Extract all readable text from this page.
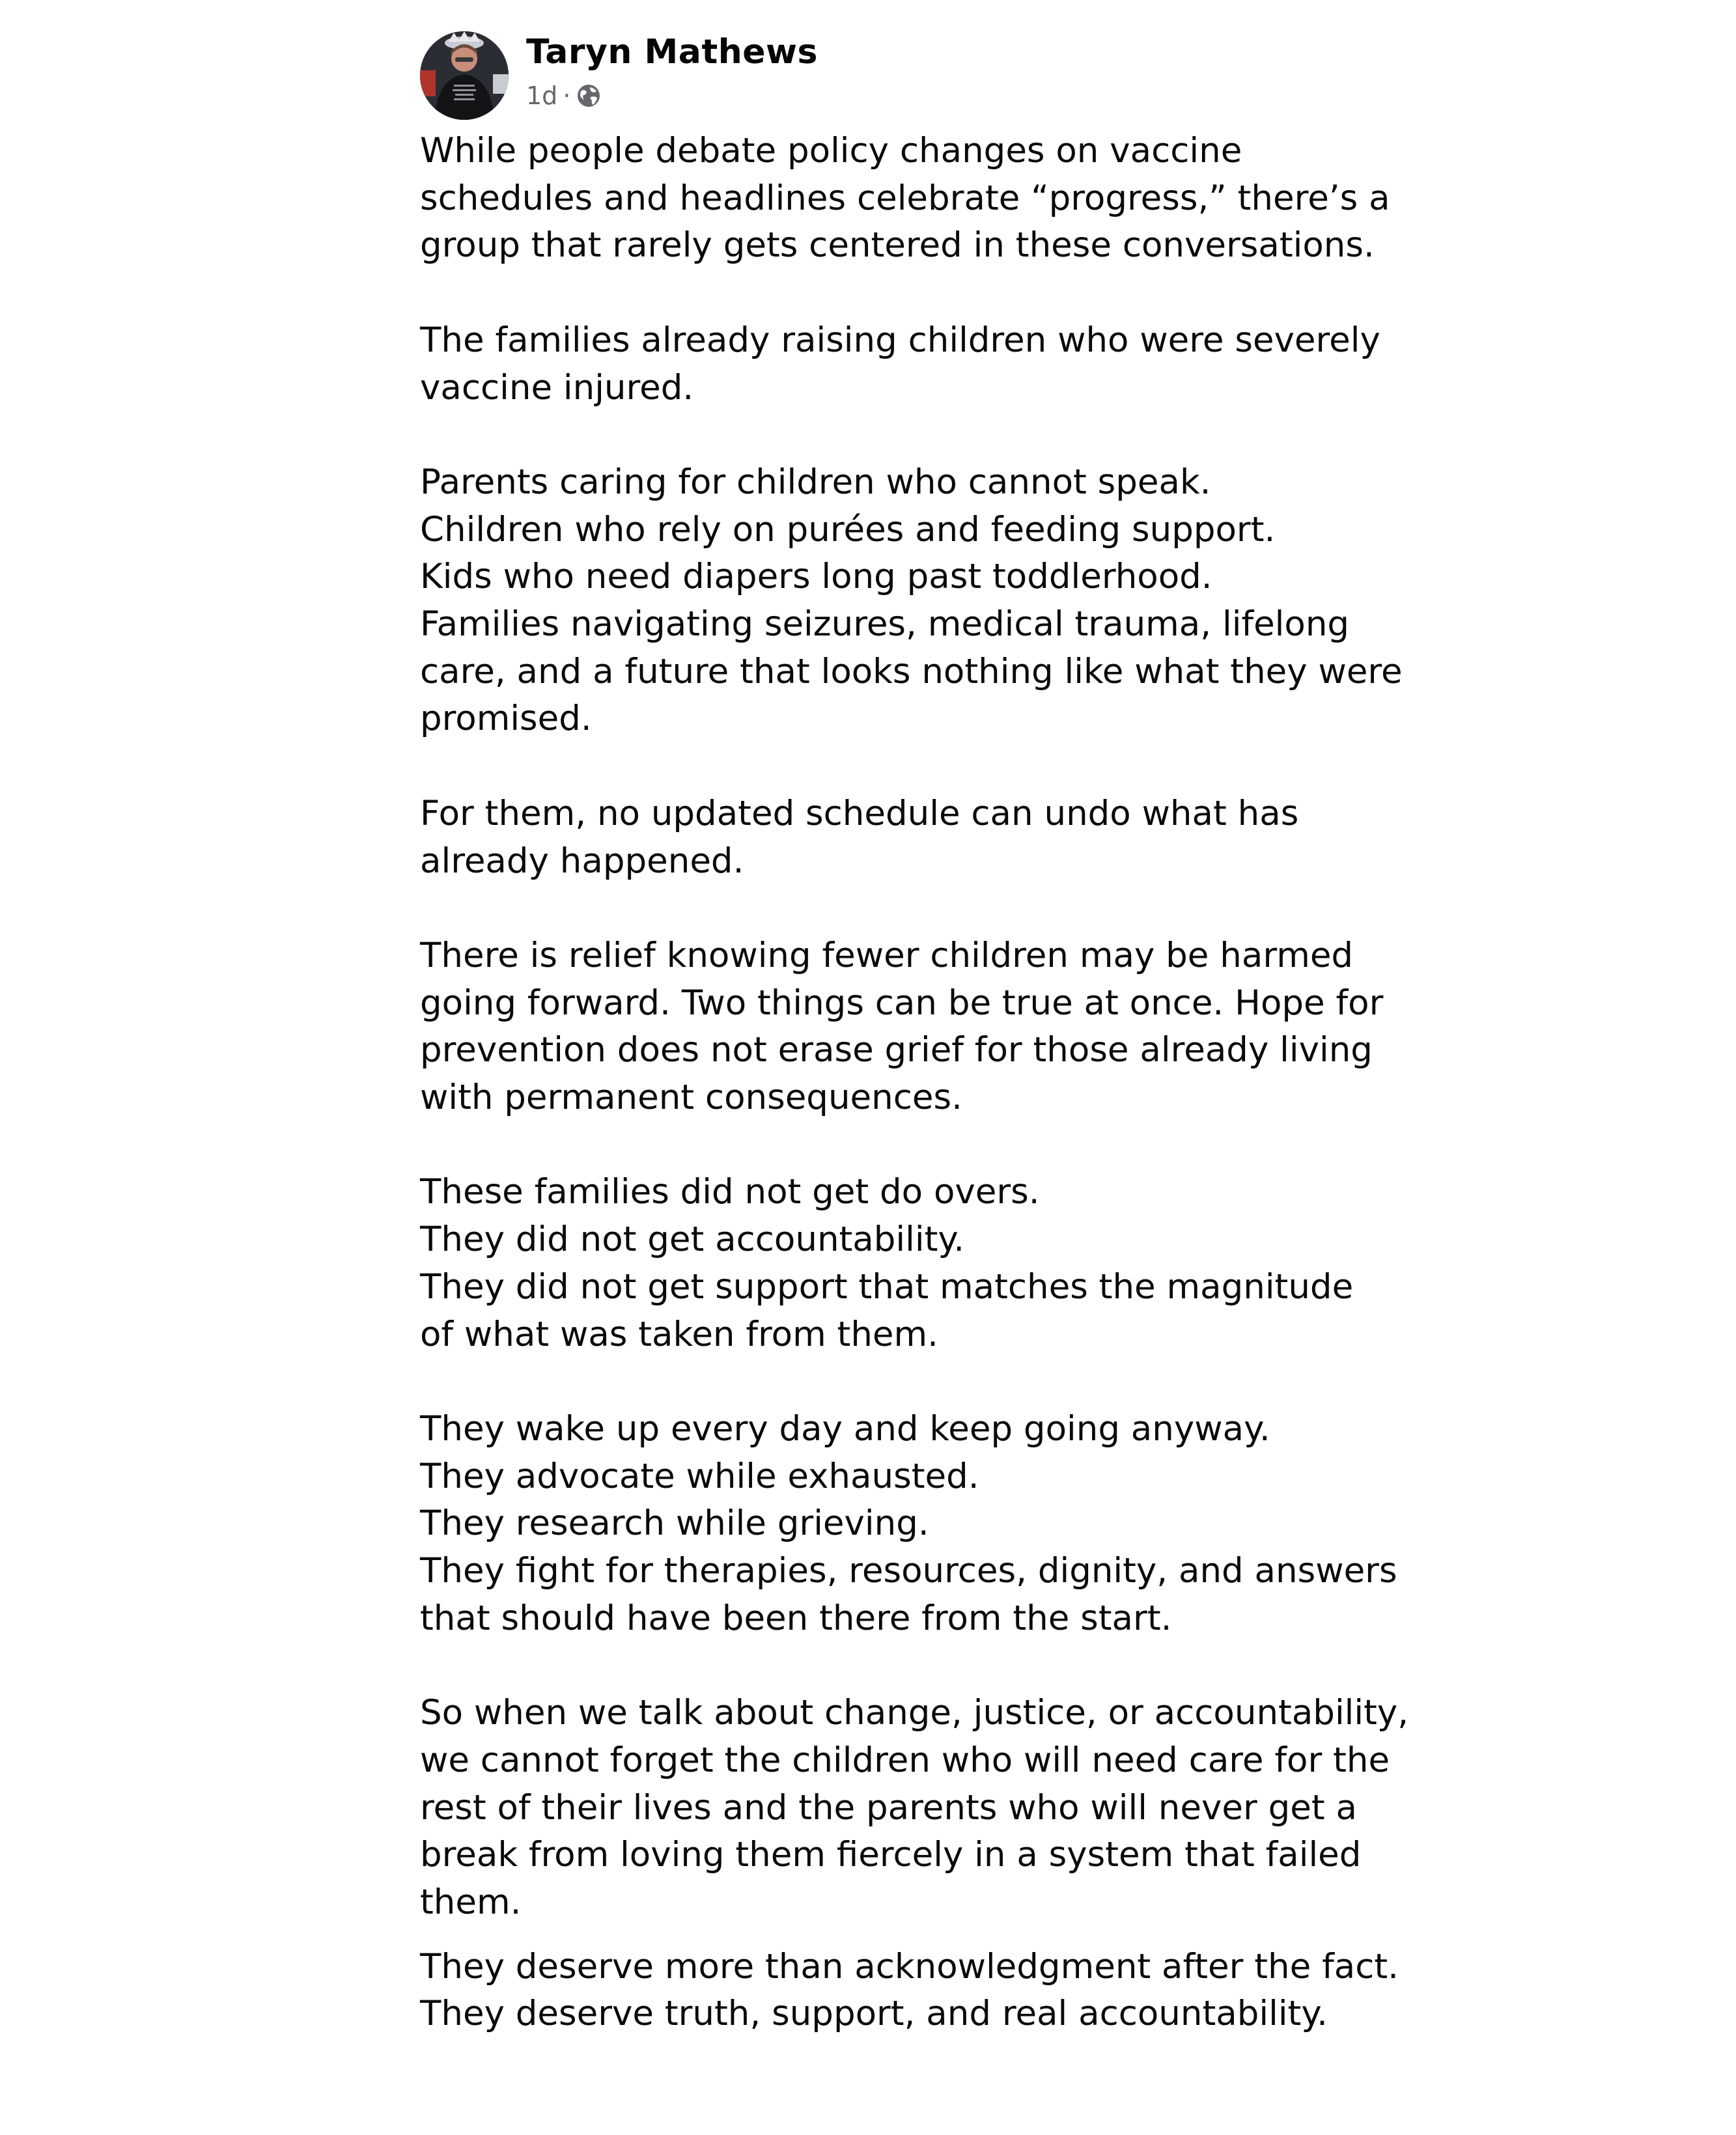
Taryn Mathews
1d ·

While people debate policy changes on vaccine
schedules and headlines celebrate “progress,” there’s a
group that rarely gets centered in these conversations.

The families already raising children who were severely
vaccine injured.

Parents caring for children who cannot speak.
Children who rely on purées and feeding support.
Kids who need diapers long past toddlerhood.
Families navigating seizures, medical trauma, lifelong
care, and a future that looks nothing like what they were
promised.

For them, no updated schedule can undo what has
already happened.

There is relief knowing fewer children may be harmed
going forward. Two things can be true at once. Hope for
prevention does not erase grief for those already living
with permanent consequences.

These families did not get do overs.
They did not get accountability.
They did not get support that matches the magnitude
of what was taken from them.

They wake up every day and keep going anyway.
They advocate while exhausted.
They research while grieving.
They fight for therapies, resources, dignity, and answers
that should have been there from the start.

So when we talk about change, justice, or accountability,
we cannot forget the children who will need care for the
rest of their lives and the parents who will never get a
break from loving them fiercely in a system that failed
them.

They deserve more than acknowledgment after the fact.
They deserve truth, support, and real accountability.
